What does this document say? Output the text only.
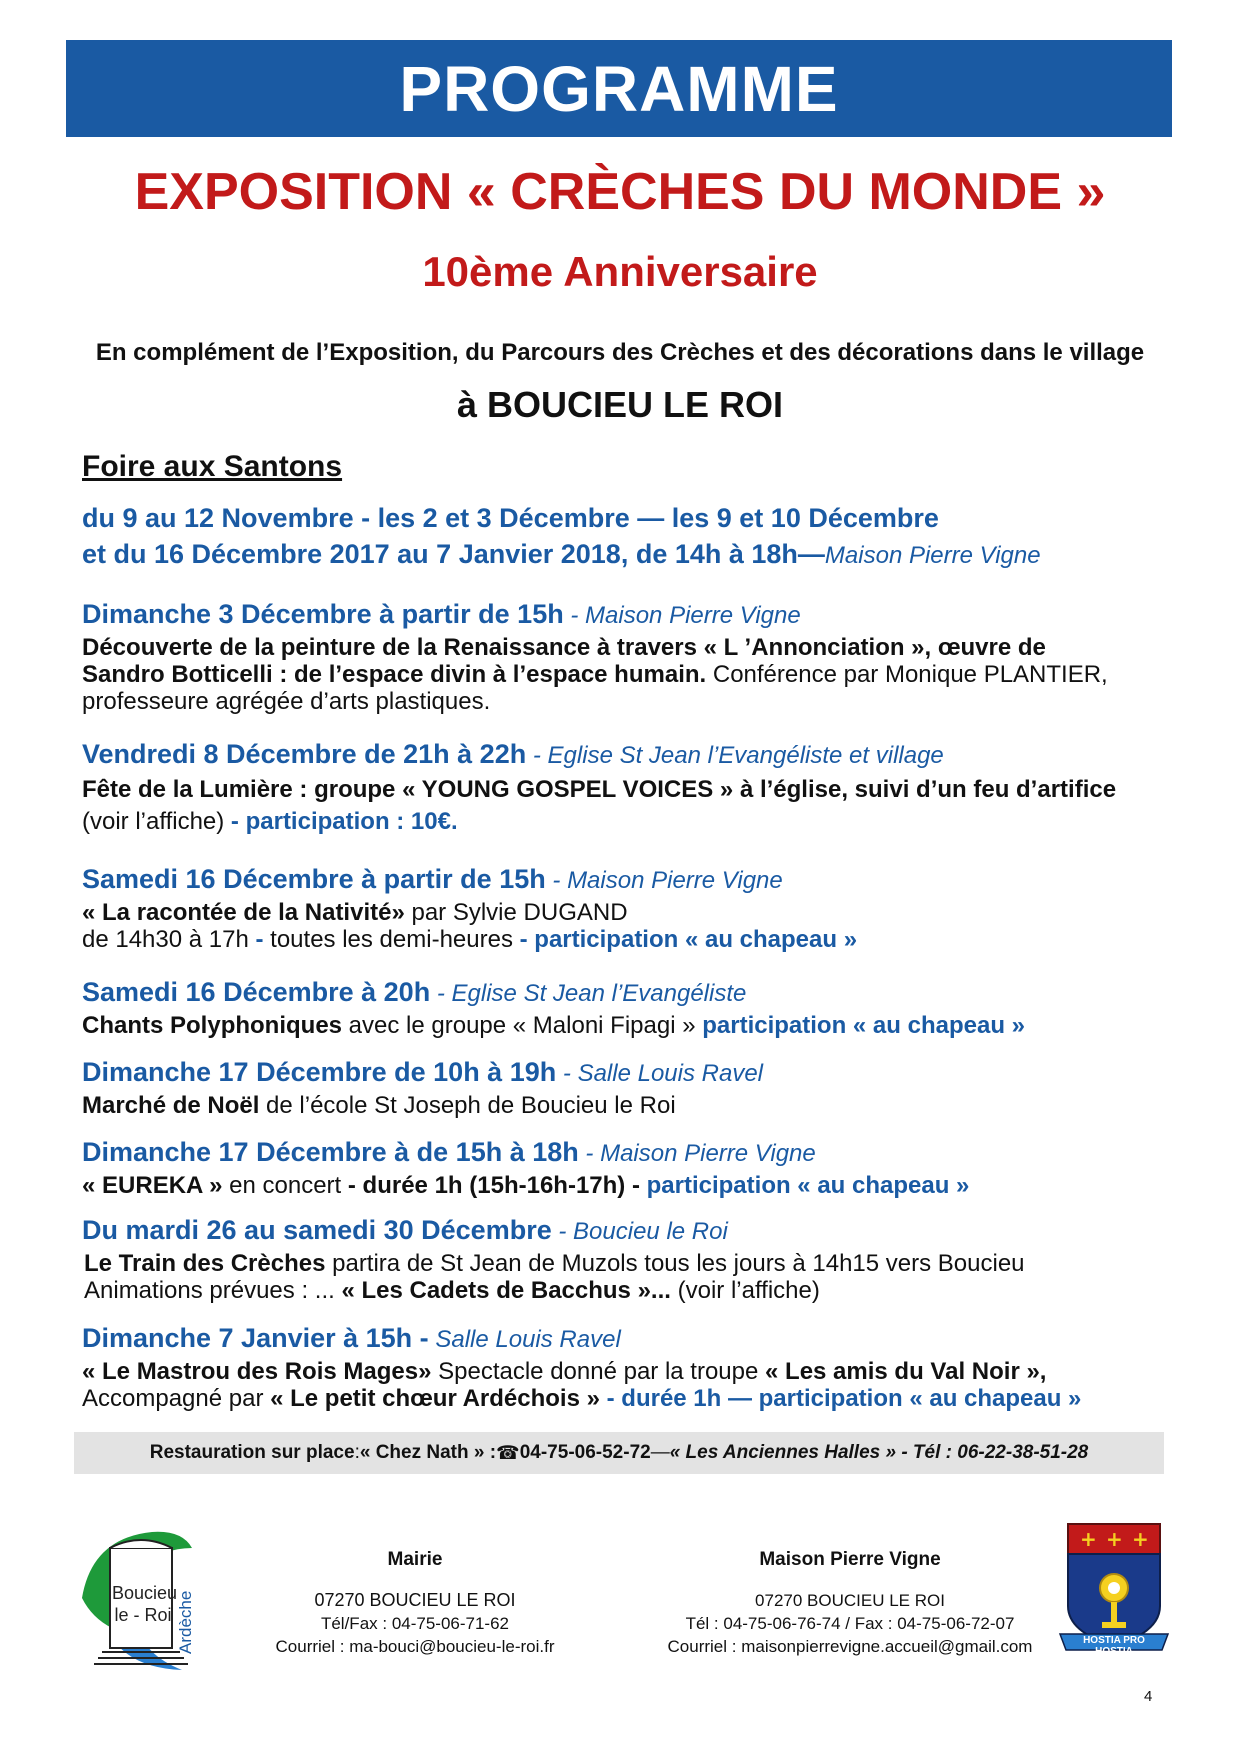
PROGRAMME
EXPOSITION « CRÈCHES DU MONDE »
10ème Anniversaire
En complément de l’Exposition, du Parcours des Crèches et des décorations dans le village
à BOUCIEU LE ROI
Foire aux Santons
du 9 au 12 Novembre - les 2 et 3 Décembre — les 9 et 10 Décembre
et du 16 Décembre 2017 au 7 Janvier 2018, de 14h à 18h—Maison Pierre Vigne
Dimanche 3 Décembre à partir de 15h - Maison Pierre Vigne
Découverte de la peinture de la Renaissance à travers « L ’Annonciation », œuvre de
Sandro Botticelli : de l’espace divin à l’espace humain. Conférence par Monique PLANTIER,
professeure agrégée d’arts plastiques.
Vendredi 8 Décembre de 21h à 22h - Eglise St Jean l’Evangéliste et village
Fête de la Lumière : groupe « YOUNG GOSPEL VOICES » à l’église, suivi d’un feu d’artifice
(voir l’affiche) - participation : 10€.
Samedi 16 Décembre à partir de 15h - Maison Pierre Vigne
« La racontée de la Nativité» par Sylvie DUGAND
de 14h30 à 17h - toutes les demi-heures - participation « au chapeau »
Samedi 16 Décembre à 20h - Eglise St Jean l’Evangéliste
Chants Polyphoniques avec le groupe « Maloni Fipagi » participation « au chapeau »
Dimanche 17 Décembre de 10h à 19h - Salle Louis Ravel
Marché de Noël de l’école St Joseph de Boucieu le Roi
Dimanche 17 Décembre à de 15h à 18h - Maison Pierre Vigne
« EUREKA » en concert - durée 1h (15h-16h-17h) - participation « au chapeau »
Du mardi 26 au samedi 30 Décembre - Boucieu le Roi
Le Train des Crèches partira de St Jean de Muzols tous les jours à 14h15 vers Boucieu
Animations prévues : ... « Les Cadets de Bacchus »... (voir l’affiche)
Dimanche 7 Janvier à 15h - Salle Louis Ravel
« Le Mastrou des Rois Mages» Spectacle donné par la troupe « Les amis du Val Noir »,
Accompagné par « Le petit chœur Ardéchois » - durée 1h — participation « au chapeau »
Restauration sur place : « Chez Nath » : ☎ 04-75-06-52-72 — « Les Anciennes Halles » - Tél : 06-22-38-51-28
Boucieu
le - Roi Ardèche
Mairie
07270 BOUCIEU LE ROI
Tél/Fax : 04-75-06-71-62
Courriel : ma-bouci@boucieu-le-roi.fr
Maison Pierre Vigne
07270 BOUCIEU LE ROI
Tél : 04-75-06-76-74 / Fax : 04-75-06-72-07
Courriel : maisonpierrevigne.accueil@gmail.com
+ + +
HOSTIA PRO HOSTIA
4
